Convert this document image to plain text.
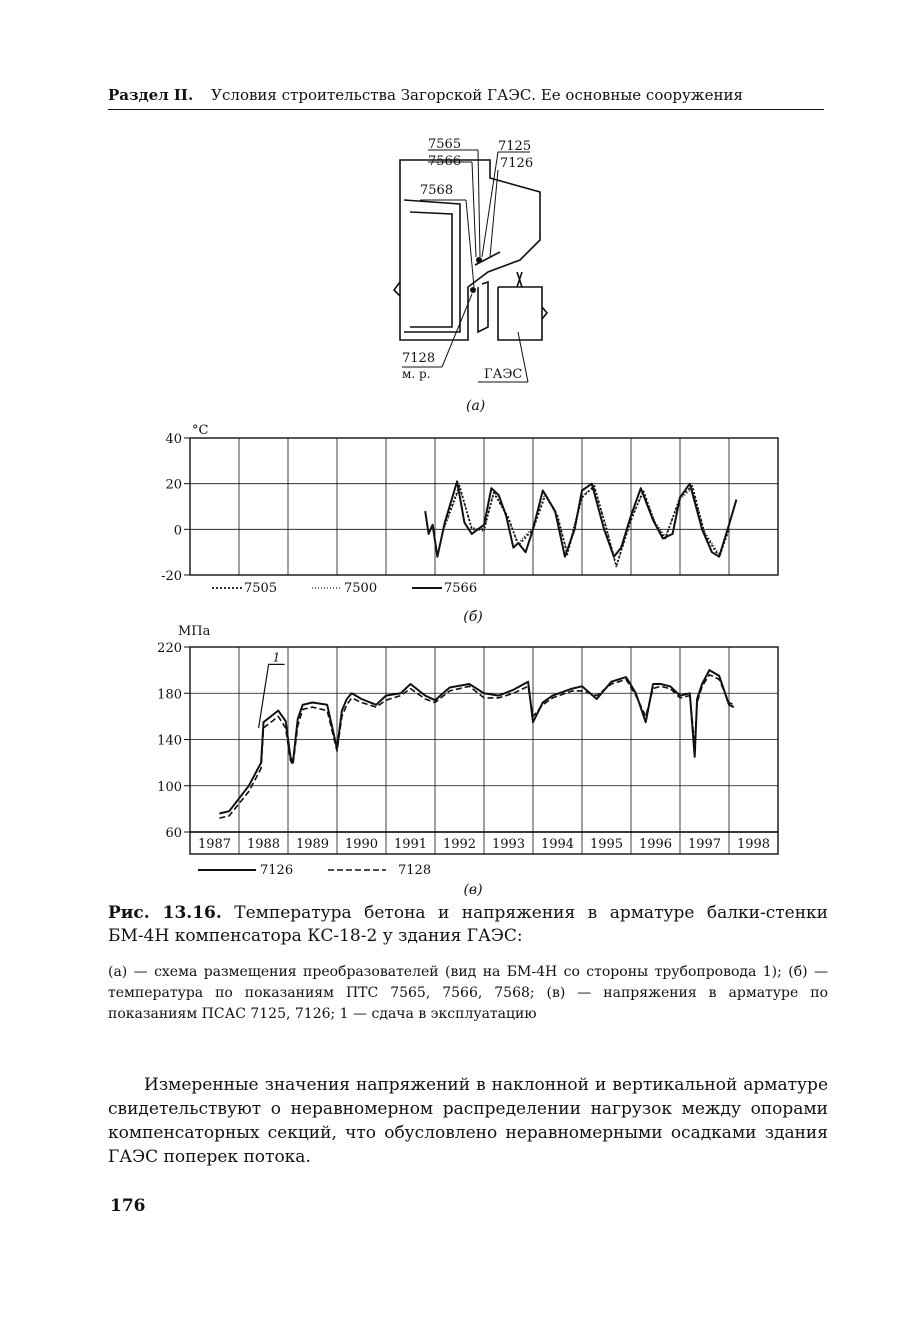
Раздел II. Условия строительства Загорской ГАЭС. Ее основные сооружения
7565
7566
7568
7125
7126
7128
м. р.	ГАЭС
(а)
40
20
0
-20
°C
7505	7500	7566
(б)
1987 1988 1989 1990 1991 1992 1993 1994 1995 1996 1997 1998
220
180
140
100
60
МПа
1
7126	7128
(в)
Рис. 13.16. Температура бетона и напряжения в арматуре балки-стенки БМ-4Н компенсатора КС-18-2 у здания ГАЭС:
(а) — схема размещения преобразователей (вид на БМ-4Н со стороны трубопровода 1); (б) — температура по показаниям ПТС 7565, 7566, 7568; (в) — напряжения в арматуре по показаниям ПСАС 7125, 7126; 1 — сдача в эксплуатацию
Измеренные значения напряжений в наклонной и вертикальной арматуре свидетельствуют о неравномерном распределении нагрузок между опорами компенсаторных секций, что обусловлено неравномерными осадками здания ГАЭС поперек потока.
176
